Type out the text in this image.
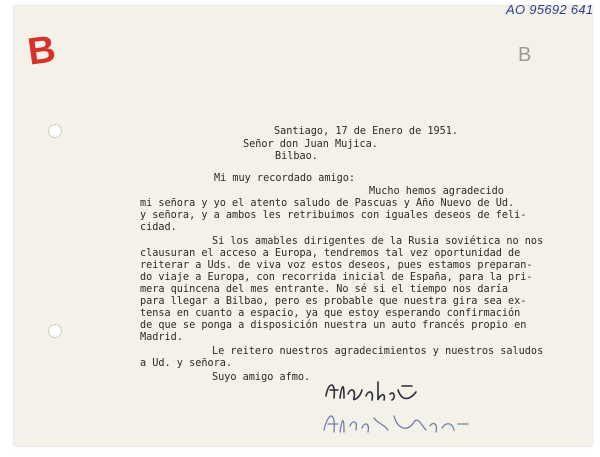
AO 95692 641
B	B
Santiago, 17 de Enero de 1951.
Señor don Juan Mujica.
Bilbao.
Mi muy recordado amigo:
Mucho hemos agradecido
mi señora y yo el atento saludo de Pascuas y Año Nuevo de Ud.
y señora, y a ambos les retribuimos con iguales deseos de feli-
cidad.
Si los amables dirigentes de la Rusia soviética no nos
clausuran el acceso a Europa, tendremos tal vez oportunidad de
reiterar a Uds. de viva voz estos deseos, pues estamos preparan-
do viaje a Europa, con recorrida inicial de España, para la pri-
mera quincena del mes entrante. No sé si el tiempo nos daría
para llegar a Bilbao, pero es probable que nuestra gira sea ex-
tensa en cuanto a espacio, ya que estoy esperando confirmación
de que se ponga a disposición nuestra un auto francés propio en
Madrid.
Le reitero nuestros agradecimientos y nuestros saludos
a Ud. y señora.
Suyo amigo afmo.
